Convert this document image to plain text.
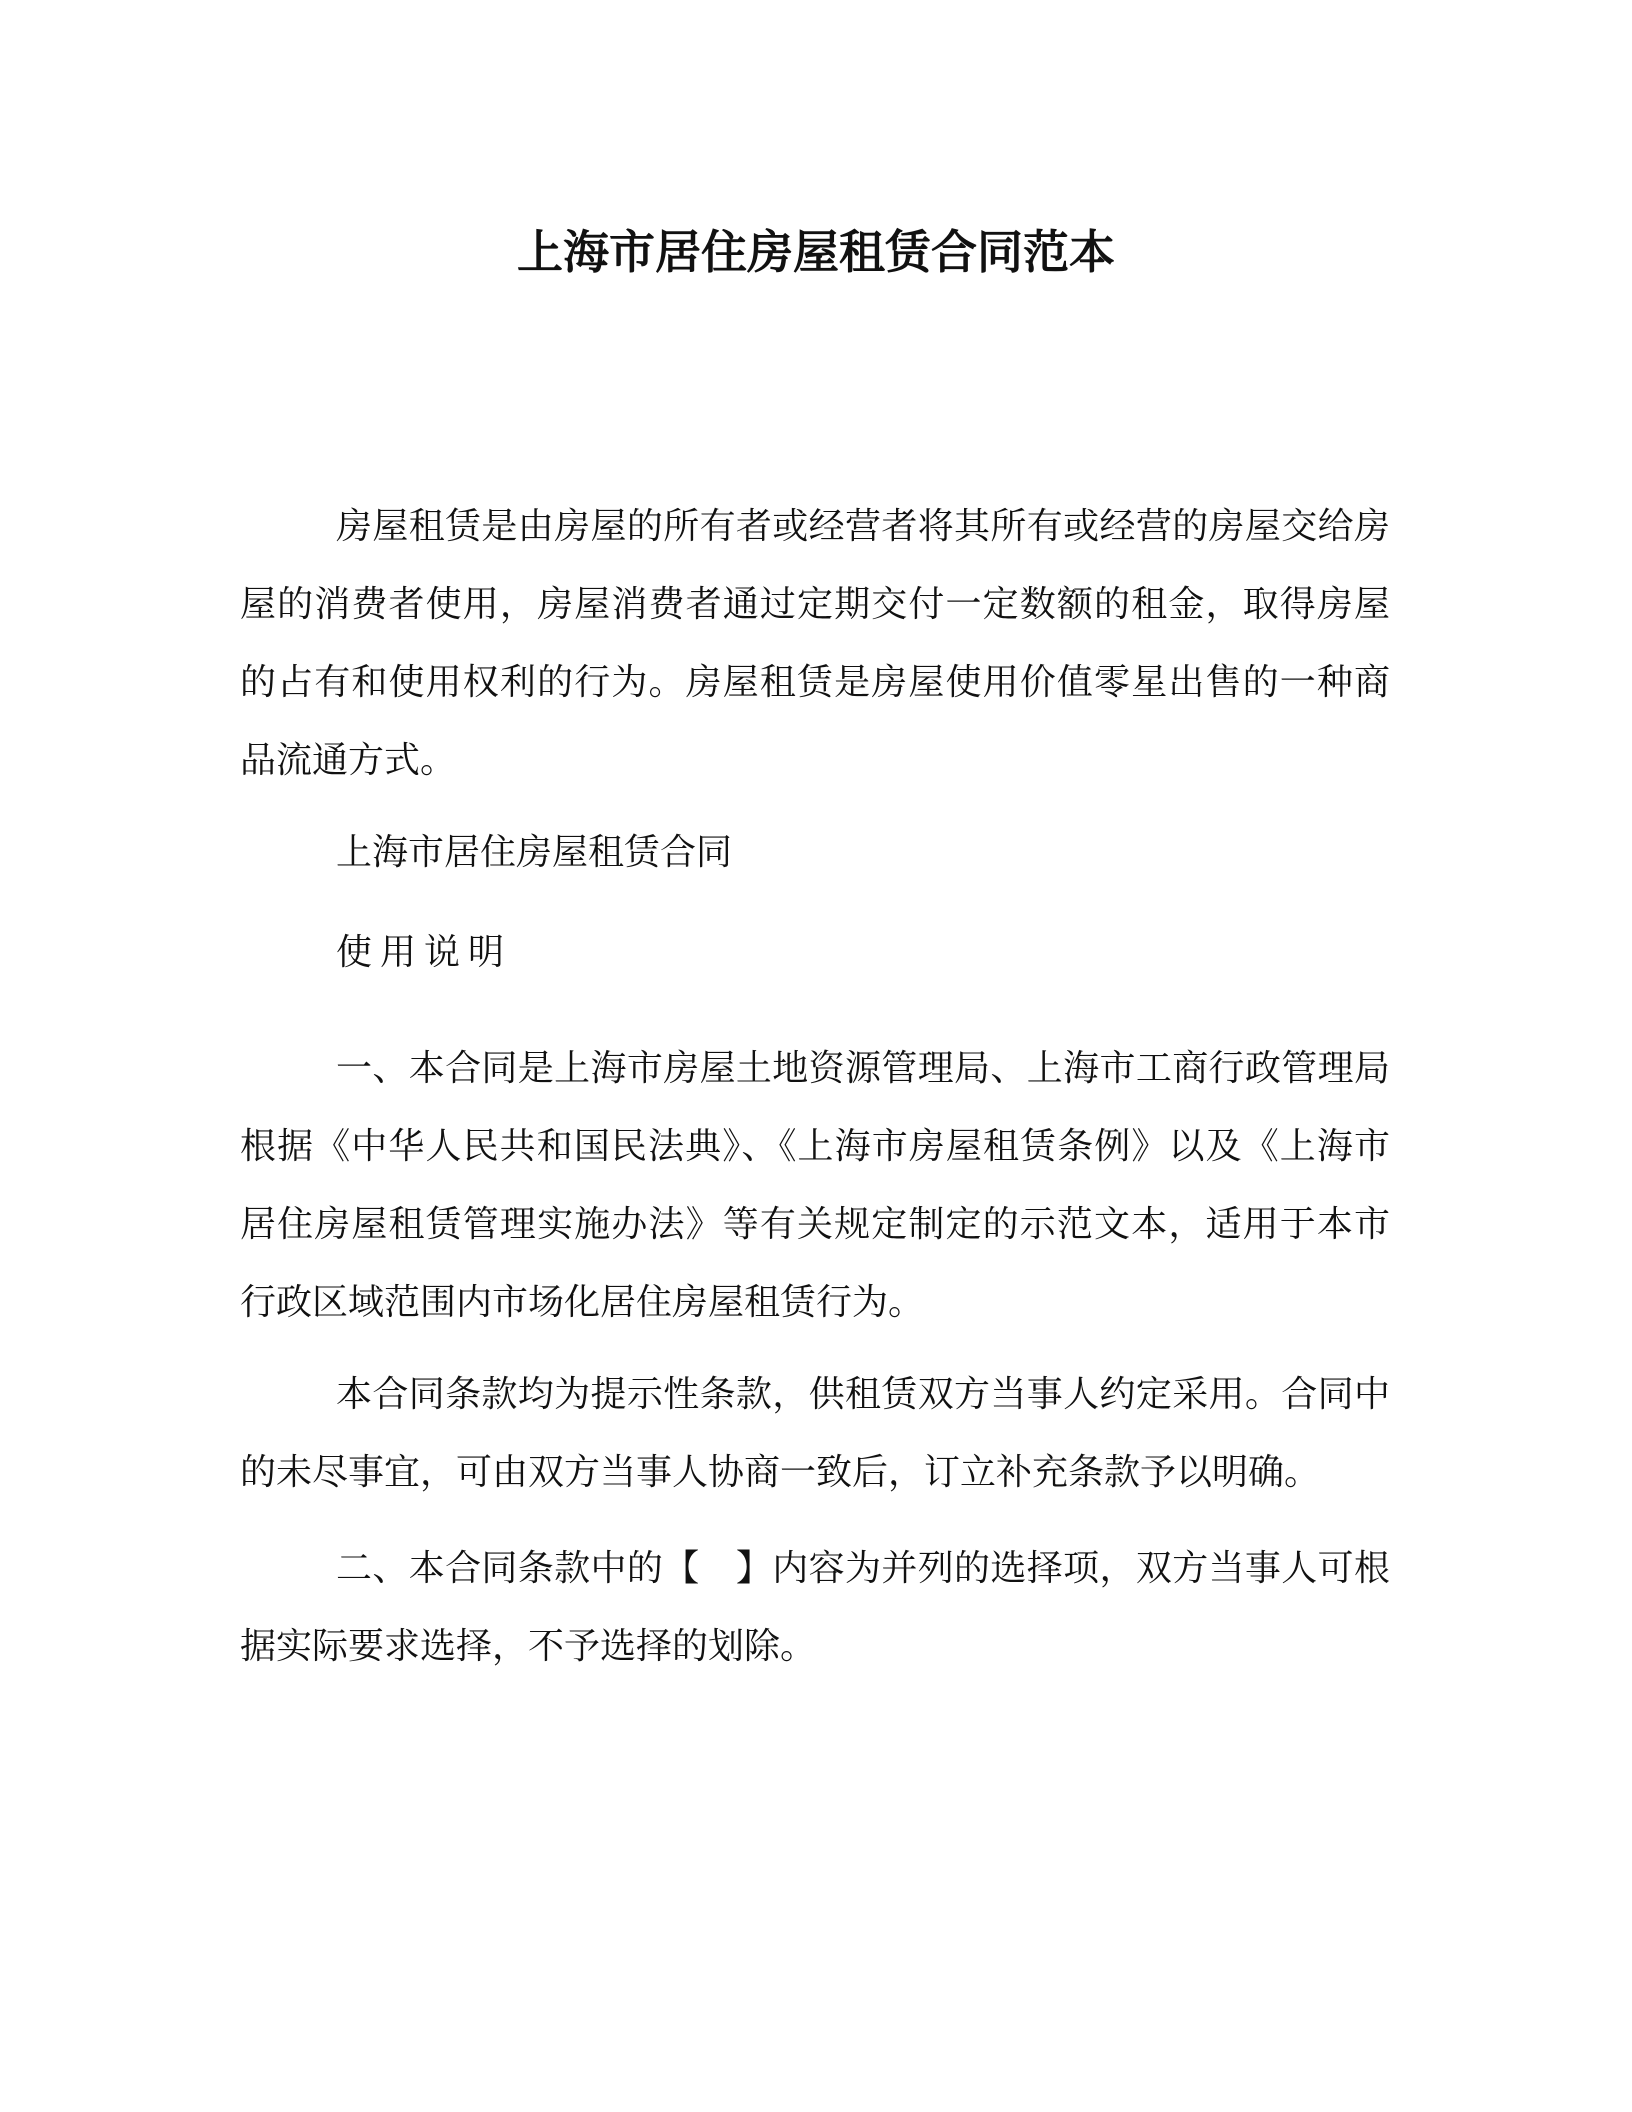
上海市居住房屋租赁合同范本

房屋租赁是由房屋的所有者或经营者将其所有或经营的房屋交给房屋的消费者使用，房屋消费者通过定期交付一定数额的租金，取得房屋的占有和使用权利的行为。房屋租赁是房屋使用价值零星出售的一种商品流通方式。

上海市居住房屋租赁合同

使用说明

一、本合同是上海市房屋土地资源管理局、上海市工商行政管理局根据《中华人民共和国民法典》、《上海市房屋租赁条例》以及《上海市居住房屋租赁管理实施办法》等有关规定制定的示范文本，适用于本市行政区域范围内市场化居住房屋租赁行为。

本合同条款均为提示性条款，供租赁双方当事人约定采用。合同中的未尽事宜，可由双方当事人协商一致后，订立补充条款予以明确。

二、本合同条款中的【　】内容为并列的选择项，双方当事人可根据实际要求选择，不予选择的划除。
